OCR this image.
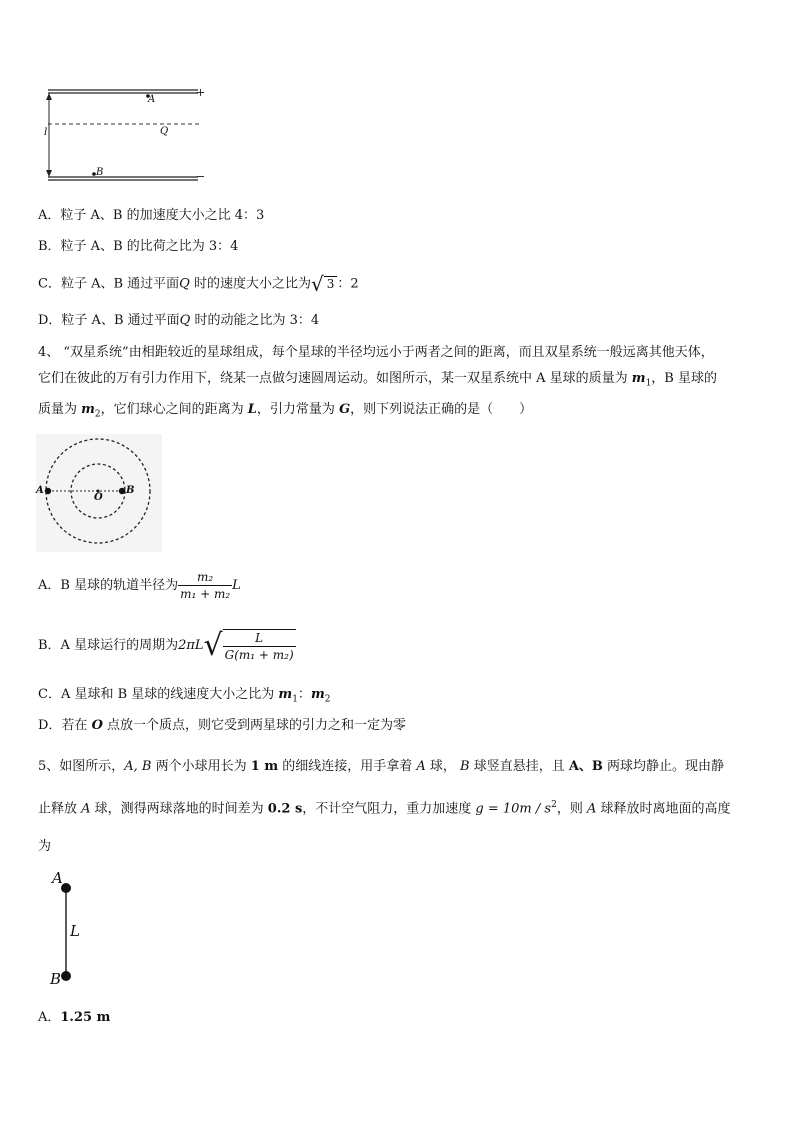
A
Q
B
l
+
−
A．粒子 A、B 的加速度大小之比 4：3
B．粒子 A、B 的比荷之比为 3：4
C．粒子 A、B 通过平面Q 时的速度大小之比为√ 3 ：2
D．粒子 A、B 通过平面Q 时的动能之比为 3：4
4、 “双星系统”由相距较近的星球组成，每个星球的半径均远小于两者之间的距离，而且双星系统一般远离其他天体，
它们在彼此的万有引力作用下，绕某一点做匀速圆周运动。如图所示，某一双星系统中 A 星球的质量为 $m_1$，B 星球的
质量为 $m_2$，它们球心之间的距离为 L，引力常量为 G，则下列说法正确的是（　　）
A
O
B
A．B 星球的轨道半径为 $\frac{\text{m₂}}{\text{m₁ + m₂}}$ L
B．A 星球运行的周期为$2\pi L√ \frac{L}{\text{G(m₁ + m₂)}}$
C．A 星球和 B 星球的线速度大小之比为 $m_1$：$m_2$
D．若在 O 点放一个质点，则它受到两星球的引力之和一定为零
5、如图所示，A, B 两个小球用长为 1 m 的细线连接，用手拿着 A 球， B 球竖直悬挂，且 A、B 两球均静止。现由静
止释放 A 球，测得两球落地的时间差为 0.2 s，不计空气阻力，重力加速度 $g = 10m / s^2$，则 A 球释放时离地面的高度
为
A
L
B
A．1.25 m
